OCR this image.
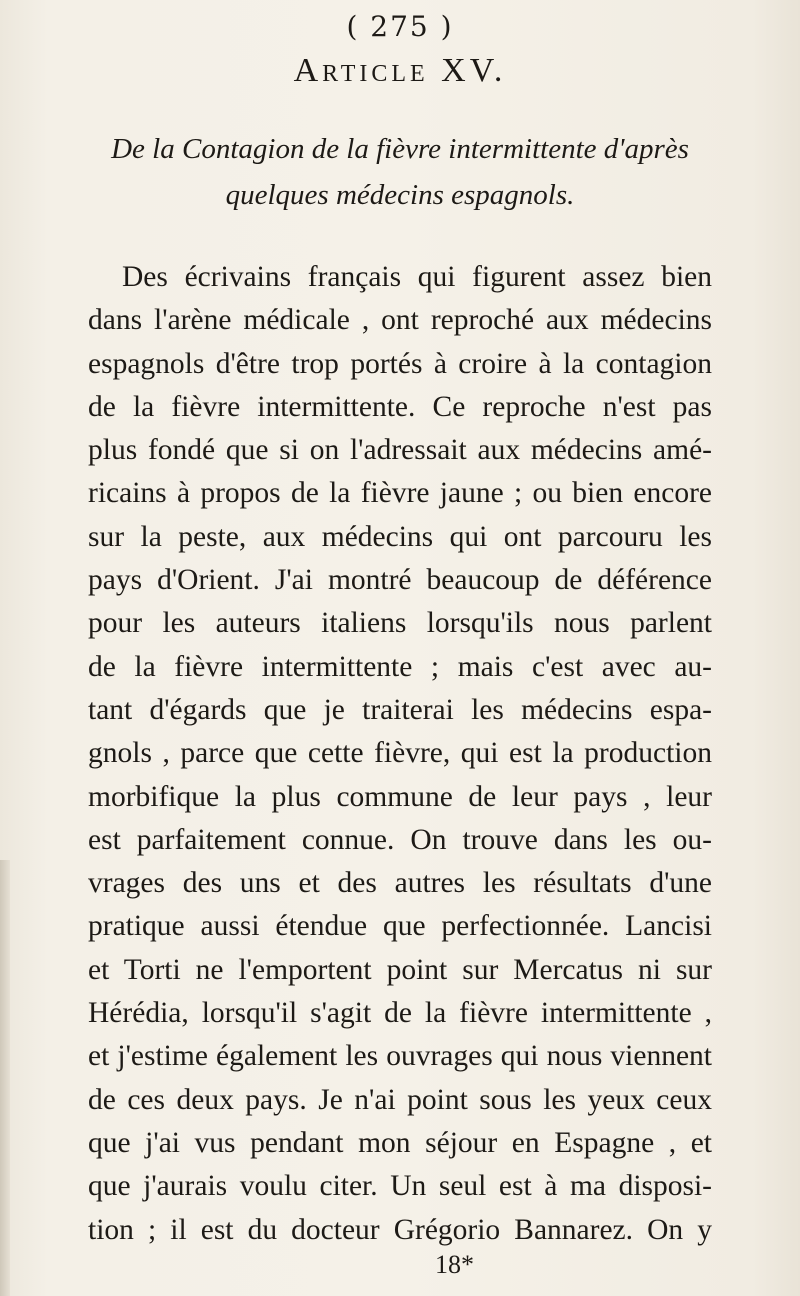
( 275 )
Article XV.
De la Contagion de la fièvre intermittente d'après
quelques médecins espagnols.
Des écrivains français qui figurent assez bien
dans l'arène médicale , ont reproché aux médecins
espagnols d'être trop portés à croire à la contagion
de la fièvre intermittente. Ce reproche n'est pas
plus fondé que si on l'adressait aux médecins amé-
ricains à propos de la fièvre jaune ; ou bien encore
sur la peste, aux médecins qui ont parcouru les
pays d'Orient. J'ai montré beaucoup de déférence
pour les auteurs italiens lorsqu'ils nous parlent
de la fièvre intermittente ; mais c'est avec au-
tant d'égards que je traiterai les médecins espa-
gnols , parce que cette fièvre, qui est la production
morbifique la plus commune de leur pays , leur
est parfaitement connue. On trouve dans les ou-
vrages des uns et des autres les résultats d'une
pratique aussi étendue que perfectionnée. Lancisi
et Torti ne l'emportent point sur Mercatus ni sur
Hérédia, lorsqu'il s'agit de la fièvre intermittente ,
et j'estime également les ouvrages qui nous viennent
de ces deux pays. Je n'ai point sous les yeux ceux
que j'ai vus pendant mon séjour en Espagne , et
que j'aurais voulu citer. Un seul est à ma disposi-
tion ; il est du docteur Grégorio Bannarez. On y
18*
